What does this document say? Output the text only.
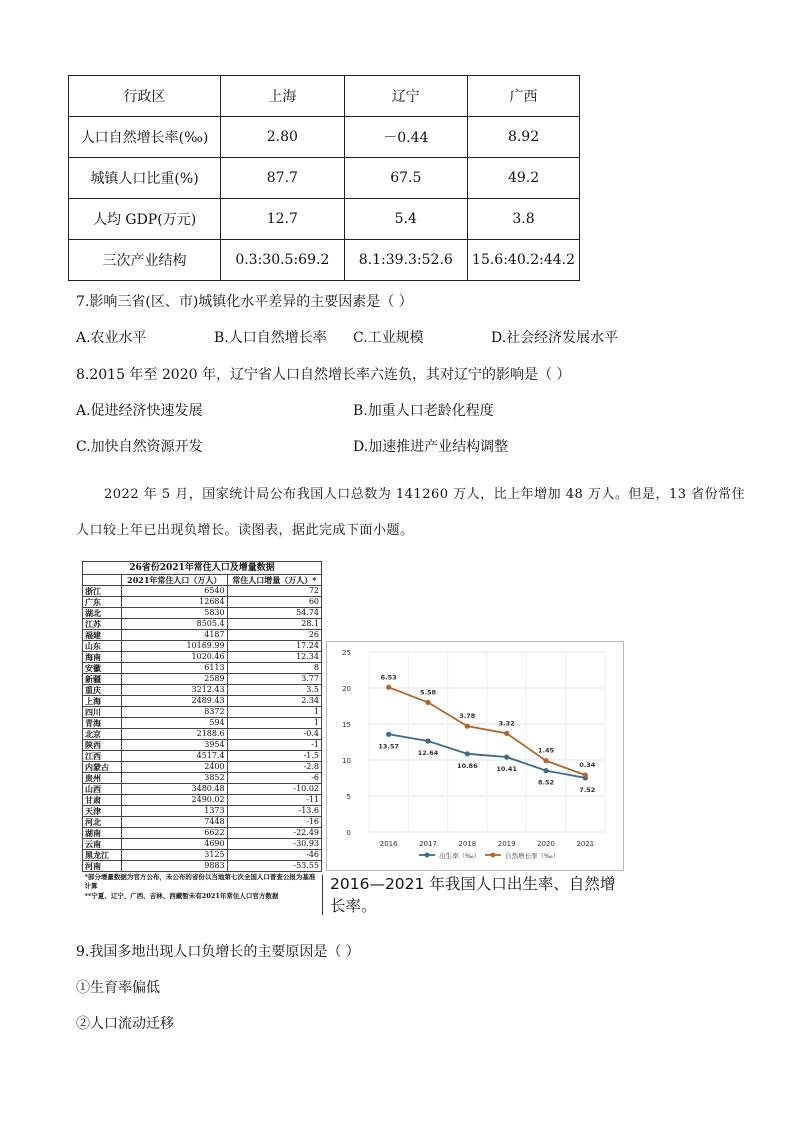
行政区	上海	辽宁	广西
人口自然增长率(‰)	2.80	－0.44	8.92
城镇人口比重(%)	87.7	67.5	49.2
人均 GDP(万元)	12.7	5.4	3.8
三次产业结构	0.3:30.5:69.2	8.1:39.3:52.6	15.6:40.2:44.2
7.影响三省(区、市)城镇化水平差异的主要因素是（ ）
A.农业水平	B.人口自然增长率 C.工业规模	D.社会经济发展水平
8.2015 年至 2020 年，辽宁省人口自然增长率六连负，其对辽宁的影响是（ ）
A.促进经济快速发展	B.加重人口老龄化程度
C.加快自然资源开发	D.加速推进产业结构调整
2022 年 5 月，国家统计局公布我国人口总数为 141260 万人，比上年增加 48 万人。但是，13 省份常住
人口较上年已出现负增长。读图表，据此完成下面小题。
26省份2021年常住人口及增量数据		
	2021年常住人口（万人）	常住人口增量（万人）*
浙江	6540	72
广东	12684	60
湖北	5830	54.74
江苏	8505.4	28.1
福建	4187	26
山东	10169.99	17.24
海南	1020.46	12.34
安徽	6113	8
新疆	2589	3.77
重庆	3212.43	3.5
上海	2489.43	2.34
四川	8372	1
青海	594	1
北京	2188.6	-0.4
陕西	3954	-1
江西	4517.4	-1.5
内蒙古	2400	-2.8
贵州	3852	-6
山西	3480.48	-10.02
甘肃	2490.02	-11
天津	1373	-13.6
河北	7448	-16
湖南	6622	-22.49
云南	4690	-30.93
黑龙江	3125	-46
河南	9883	-53.55
*部分增量数据为官方公布，未公布的省份以当地第七次全国人口普查公报为基准计算		
**宁夏、辽宁、广西、吉林、西藏暂未有2021年常住人口官方数据		
0
5
10
15
20
25
2016	2017	2018	2019	2020	2021
13.57
12.64
10.86	10.41
8.52
7.52
6.53
5.58
3.78
3.32
1.45
0.34
出生率（‰）	自然增长率（‰）
2016—2021 年我国人口出生率、自然增长率。
9.我国多地出现人口负增长的主要原因是（ ）
①生育率偏低
②人口流动迁移
